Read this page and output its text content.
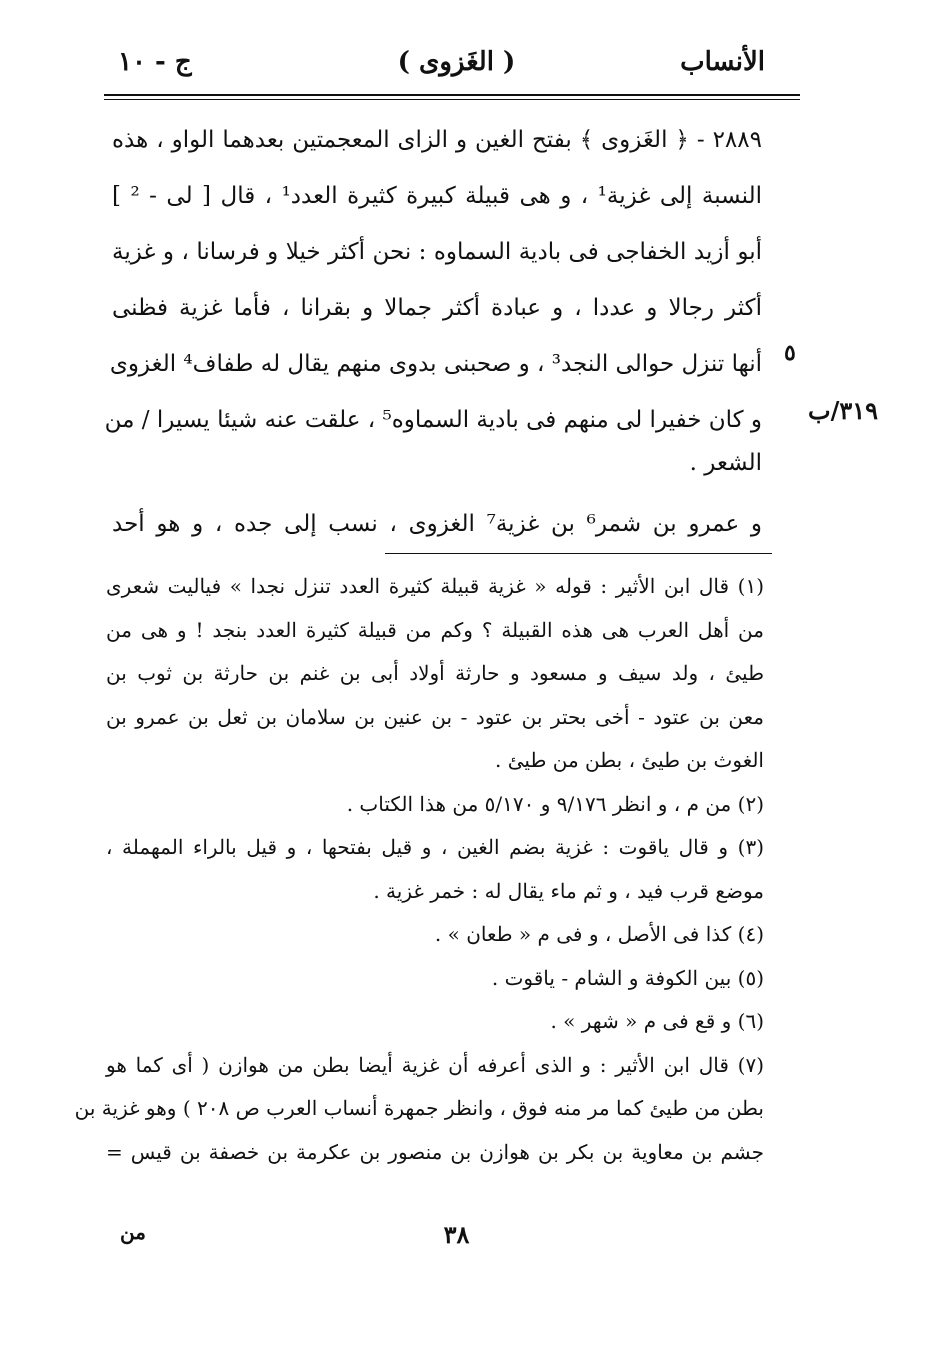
الأنساب
( الغَزوى )
ج - ١٠
٢٨٨٩ - ﴿ الغَزوى ﴾ بفتح الغين و الزاى المعجمتين بعدهما الواو ، هذه
النسبة إلى غزية¹ ، و هى قبيلة كبيرة كثيرة العدد¹ ، قال [ لى - ² ]
أبو أزيد الخفاجى فى بادية السماوه : نحن أكثر خيلا و فرسانا ، و غزية
أكثر رجالا و عددا ، و عبادة أكثر جمالا و بقرانا ، فأما غزية فظنى
أنها تنزل حوالى النجد³ ، و صحبنى بدوى منهم يقال له طفاف⁴ الغزوى
و كان خفيرا لى منهم فى بادية السماوه⁵ ، علقت عنه شيئا يسيرا / من
الشعر .
و عمرو بن شمر⁶ بن غزية⁷ الغزوى ، نسب إلى جده ، و هو أحد
٥
٣١٩/ب
(١) قال ابن الأثير : قوله « غزية قبيلة كثيرة العدد تنزل نجدا » فياليت شعرى
من أهل العرب هى هذه القبيلة ؟ وكم من قبيلة كثيرة العدد بنجد ! و هى من
طيئ ، ولد سيف و مسعود و حارثة أولاد أبى بن غنم بن حارثة بن ثوب بن
معن بن عتود - أخى بحتر بن عتود - بن عنين بن سلامان بن ثعل بن عمرو بن
الغوث بن طيئ ، بطن من طيئ .
(٢) من م ، و انظر ٩/١٧٦ و ٥/١٧٠ من هذا الكتاب .
(٣) و قال ياقوت : غزية بضم الغين ، و قيل بفتحها ، و قيل بالراء المهملة ،
موضع قرب فيد ، و ثم ماء يقال له : خمر غزية .
(٤) كذا فى الأصل ، و فى م « طعان » .
(٥) بين الكوفة و الشام - ياقوت .
(٦) و قع فى م « شهر » .
(٧) قال ابن الأثير : و الذى أعرفه أن غزية أيضا بطن من هوازن ( أى كما هو
بطن من طيئ كما مر منه فوق ، وانظر جمهرة أنساب العرب ص ٢٠٨ ) وهو غزية بن
جشم بن معاوية بن بكر بن هوازن بن منصور بن عكرمة بن خصفة بن قيس =
من	٣٨
